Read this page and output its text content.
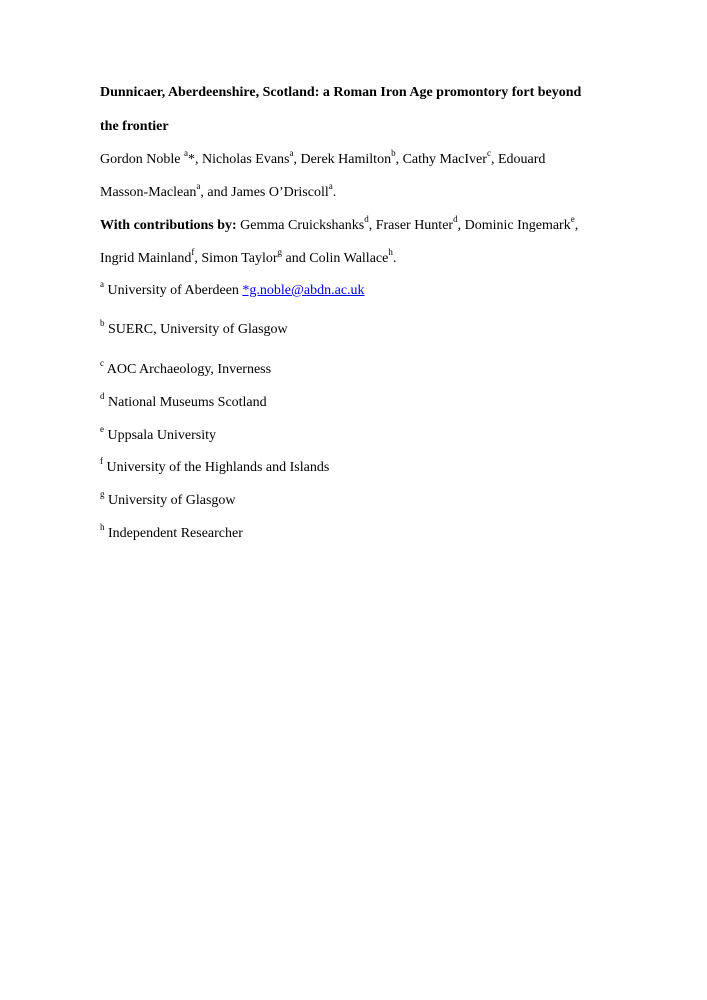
Dunnicaer, Aberdeenshire, Scotland: a Roman Iron Age promontory fort beyond
the frontier
Gordon Noble $^a$*, Nicholas Evans$^a$, Derek Hamilton$^b$, Cathy MacIver$^c$, Edouard
Masson-Maclean$^a$, and James O’Driscoll$^a$.
With contributions by: Gemma Cruickshanks$^d$, Fraser Hunter$^d$, Dominic Ingemark$^e$,
Ingrid Mainland$^f$, Simon Taylor$^g$ and Colin Wallace$^h$.
$^a$ University of Aberdeen *g.noble@abdn.ac.uk
$^b$ SUERC, University of Glasgow
$^c$ AOC Archaeology, Inverness
$^d$ National Museums Scotland
$^e$ Uppsala University
$^f$ University of the Highlands and Islands
$^g$ University of Glasgow
$^h$ Independent Researcher
